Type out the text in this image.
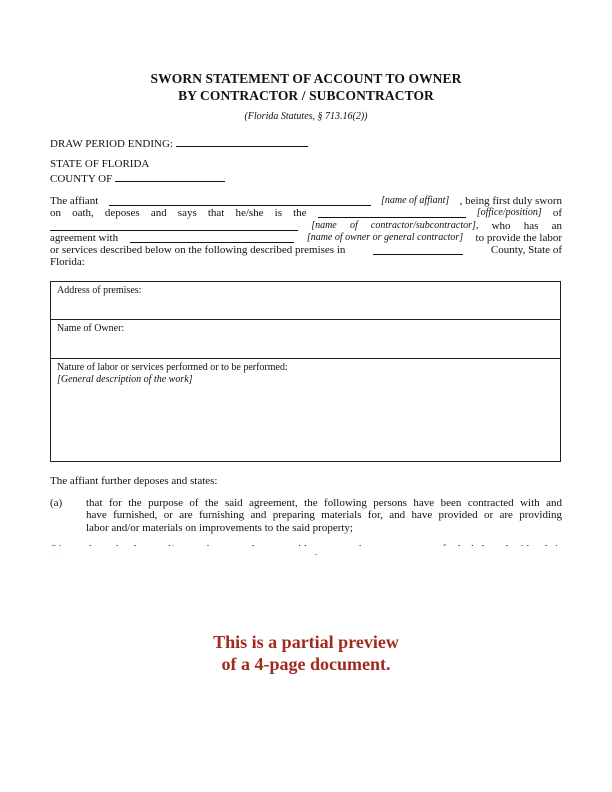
SWORN STATEMENT OF ACCOUNT TO OWNER
BY CONTRACTOR / SUBCONTRACTOR
(Florida Statutes, § 713.16(2))
DRAW PERIOD ENDING:
STATE OF FLORIDA
COUNTY OF
The affiant	[name of affiant] , being first duly sworn
on oath, deposes and says that he/she is the	[office/position] of
[name of contractor/subcontractor], who has an
agreement with	[name of owner or general contractor] to provide the labor
or services described below on the following described premises in	County, State of
Florida:
Address of premises:
Name of Owner:
Nature of labor or services performed or to be performed:
[General description of the work]
The affiant further deposes and states:
(a) that for the purpose of the said agreement, the following persons have been contracted with and
have furnished, or are furnishing and preparing materials for, and have provided or are providing
labor and/or materials on improvements to the said property;
This is a partial preview
of a 4-page document.
